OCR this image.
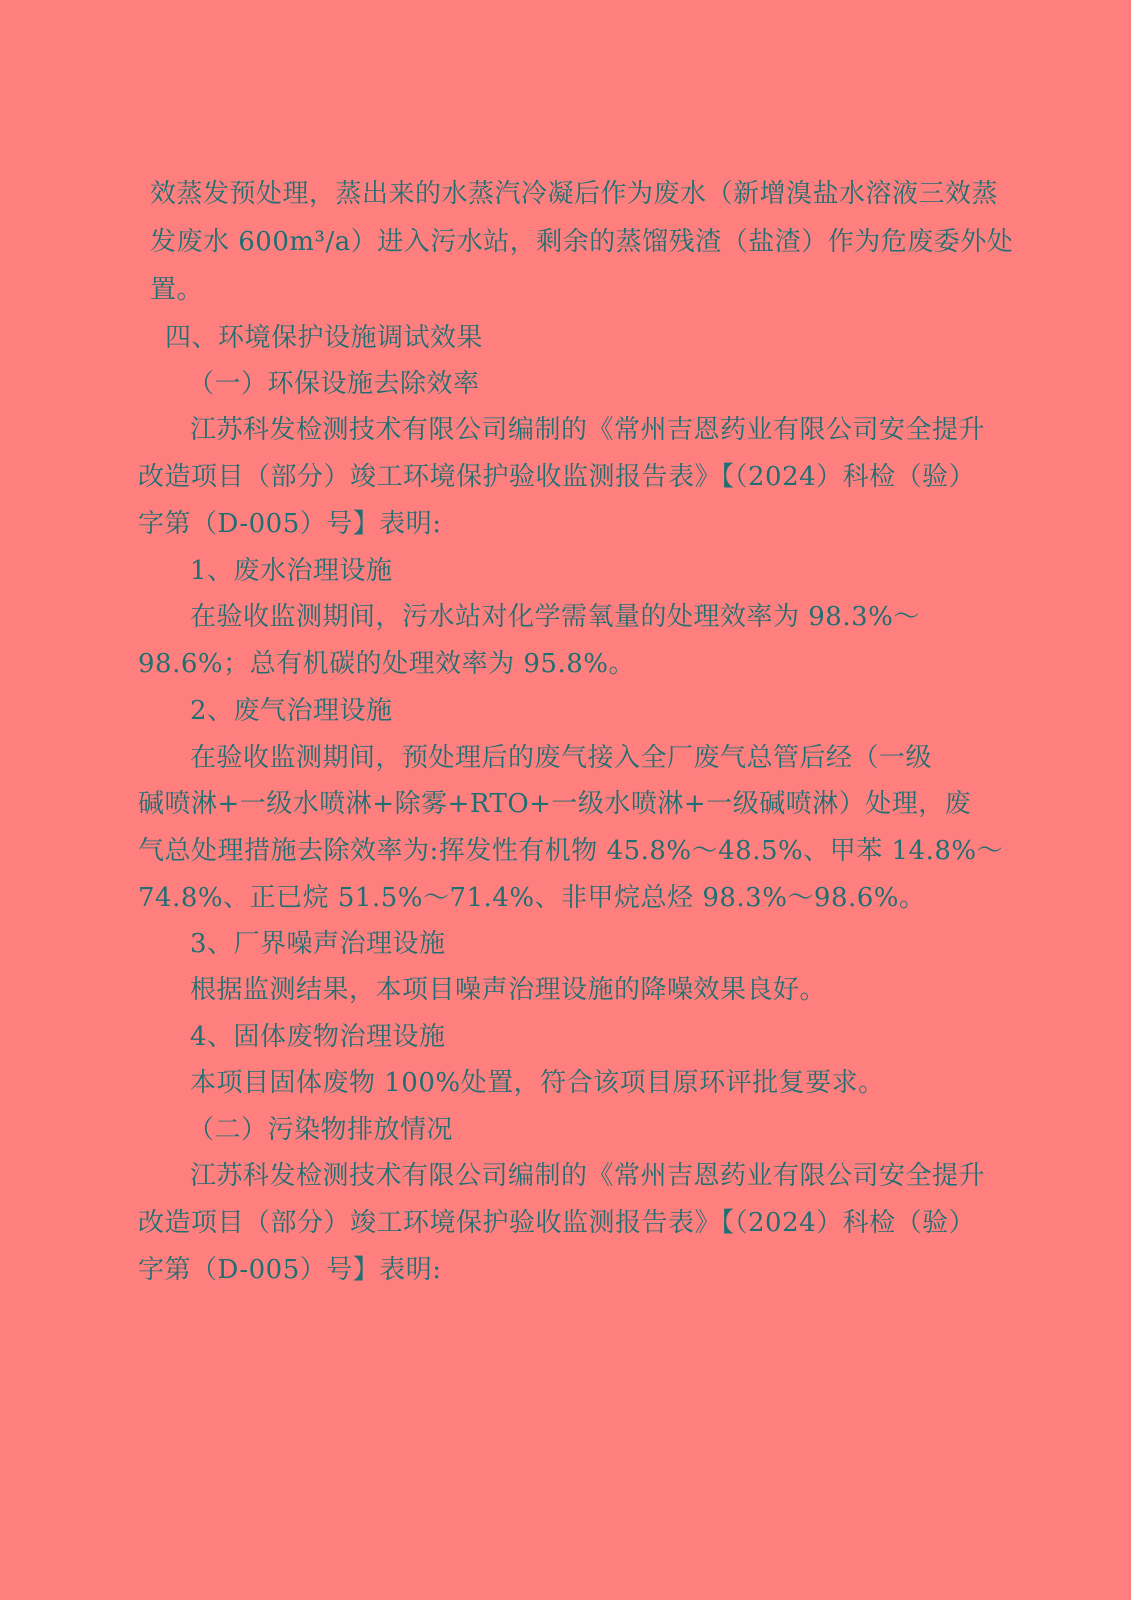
效蒸发预处理，蒸出来的水蒸汽冷凝后作为废水（新增溴盐水溶液三效蒸
发废水 600m³/a）进入污水站，剩余的蒸馏残渣（盐渣）作为危废委外处
置。
四、环境保护设施调试效果
（一）环保设施去除效率
江苏科发检测技术有限公司编制的《常州吉恩药业有限公司安全提升
改造项目（部分）竣工环境保护验收监测报告表》【（2024）科检（验）
字第（D-005）号】表明:
1、废水治理设施
在验收监测期间，污水站对化学需氧量的处理效率为 98.3%～
98.6%；总有机碳的处理效率为 95.8%。
2、废气治理设施
在验收监测期间，预处理后的废气接入全厂废气总管后经（一级
碱喷淋+一级水喷淋+除雾+RTO+一级水喷淋+一级碱喷淋）处理，废
气总处理措施去除效率为:挥发性有机物 45.8%～48.5%、甲苯 14.8%～
74.8%、正已烷 51.5%～71.4%、非甲烷总烃 98.3%～98.6%。
3、厂界噪声治理设施
根据监测结果，本项目噪声治理设施的降噪效果良好。
4、固体废物治理设施
本项目固体废物 100%处置，符合该项目原环评批复要求。
（二）污染物排放情况
江苏科发检测技术有限公司编制的《常州吉恩药业有限公司安全提升
改造项目（部分）竣工环境保护验收监测报告表》【（2024）科检（验）
字第（D-005）号】表明:
